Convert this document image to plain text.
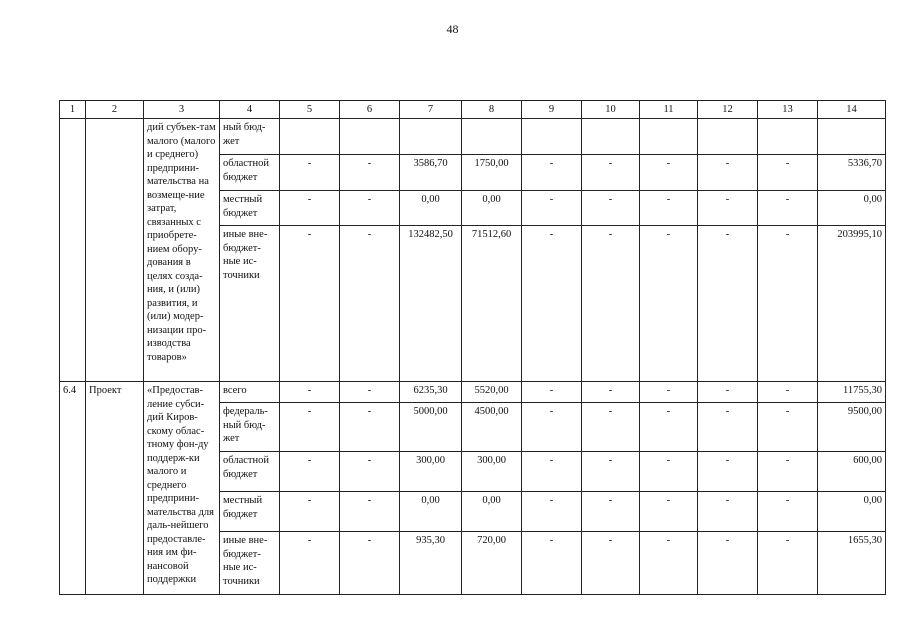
48
1	2	3	4	5	6	7	8	9	10	11	12	13	14
		дий субъек-там малого (малого и среднего) предприни-мательства на возмеще-ние затрат, связанных с приобрете-нием обору-дования в целях созда-ния, и (или) развития, и (или) модер-низации про-изводства товаров»	ный бюд-жет										
			областной бюджет	-	-	3586,70	1750,00	-	-	-	-	-	5336,70
			местный бюджет	-	-	0,00	0,00	-	-	-	-	-	0,00
			иные вне-бюджет-ные ис-точники	-	-	132482,50	71512,60	-	-	-	-	-	203995,10
6.4	Проект	«Предостав-ление субси-дий Киров-скому облас-тному фон-ду поддерж-ки малого и среднего предприни-мательства для даль-нейшего предоставле-ния им фи-нансовой поддержки	всего	-	-	6235,30	5520,00	-	-	-	-	-	11755,30
			федераль-ный бюд-жет	-	-	5000,00	4500,00	-	-	-	-	-	9500,00
			областной бюджет	-	-	300,00	300,00	-	-	-	-	-	600,00
			местный бюджет	-	-	0,00	0,00	-	-	-	-	-	0,00
			иные вне-бюджет-ные ис-точники	-	-	935,30	720,00	-	-	-	-	-	1655,30
